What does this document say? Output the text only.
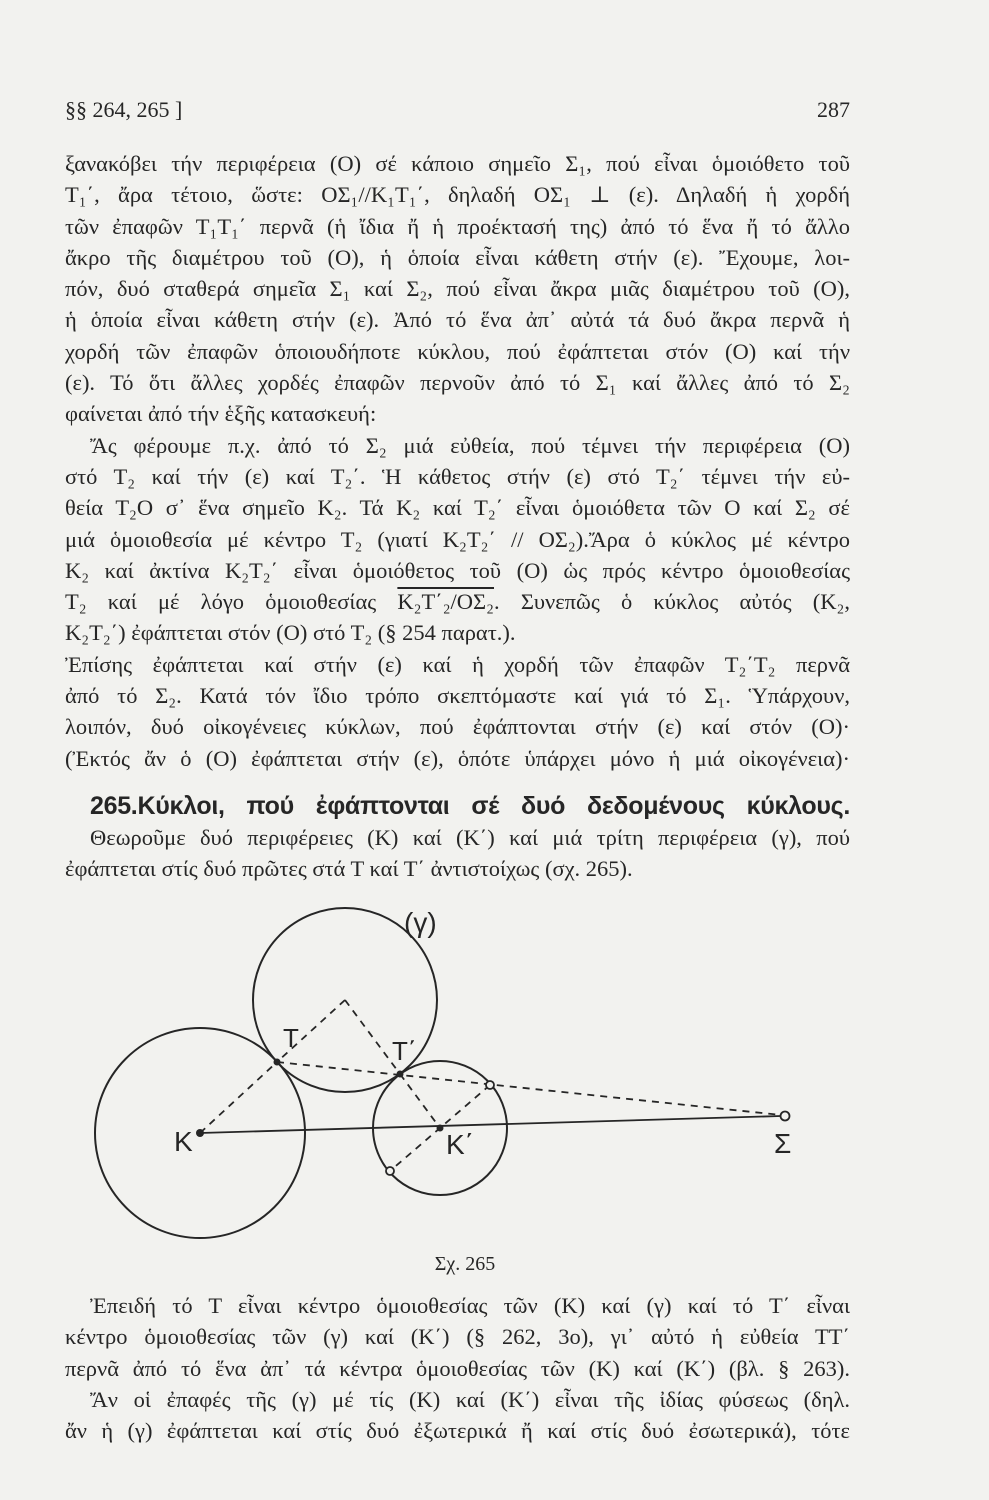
§§ 264, 265 ]	287
ξανακόβει τήν περιφέρεια (Ο) σέ κάποιο σημεῖο Σ₁, πού εἶναι ὁμοιόθετο τοῦ
Τ₁΄, ἄρα τέτοιο, ὥστε: ΟΣ₁//Κ₁Τ₁΄, δηλαδή ΟΣ₁ ⊥ (ε). Δηλαδή ἡ χορδή
τῶν ἐπαφῶν Τ₁Τ₁΄ περνᾶ (ἡ ἴδια ἤ ἡ προέκτασή της) ἀπό τό ἕνα ἤ τό ἄλλο
ἄκρο τῆς διαμέτρου τοῦ (Ο), ἡ ὁποία εἶναι κάθετη στήν (ε). Ἔχουμε, λοι-
πόν, δυό σταθερά σημεῖα Σ₁ καί Σ₂, πού εἶναι ἄκρα μιᾶς διαμέτρου τοῦ (Ο),
ἡ ὁποία εἶναι κάθετη στήν (ε). Ἀπό τό ἕνα ἀπ᾿ αὐτά τά δυό ἄκρα περνᾶ ἡ
χορδή τῶν ἐπαφῶν ὁποιουδήποτε κύκλου, πού ἐφάπτεται στόν (Ο) καί τήν
(ε). Τό ὅτι ἄλλες χορδές ἐπαφῶν περνοῦν ἀπό τό Σ₁ καί ἄλλες ἀπό τό Σ₂
φαίνεται ἀπό τήν ἑξῆς κατασκευή:
Ἄς φέρουμε π.χ. ἀπό τό Σ₂ μιά εὐθεία, πού τέμνει τήν περιφέρεια (Ο)
στό Τ₂ καί τήν (ε) καί Τ₂΄. Ἡ κάθετος στήν (ε) στό Τ₂΄ τέμνει τήν εὐ-
θεία Τ₂Ο σ᾿ ἕνα σημεῖο Κ₂. Τά Κ₂ καί Τ₂΄ εἶναι ὁμοιόθετα τῶν Ο καί Σ₂ σέ
μιά ὁμοιοθεσία μέ κέντρο Τ₂ (γιατί Κ₂Τ₂΄ // ΟΣ₂).Ἄρα ὁ κύκλος μέ κέντρο
Κ₂ καί ἀκτίνα Κ₂Τ₂΄ εἶναι ὁμοιόθετος τοῦ (Ο) ὡς πρός κέντρο ὁμοιοθεσίας
Τ₂ καί μέ λόγο ὁμοιοθεσίας Κ₂Τ΄₂/ΟΣ₂. Συνεπῶς ὁ κύκλος αὐτός (Κ₂,
Κ₂Τ₂΄) ἐφάπτεται στόν (Ο) στό Τ₂ (§ 254 παρατ.).
Ἐπίσης ἐφάπτεται καί στήν (ε) καί ἡ χορδή τῶν ἐπαφῶν Τ₂΄Τ₂ περνᾶ
ἀπό τό Σ₂. Κατά τόν ἴδιο τρόπο σκεπτόμαστε καί γιά τό Σ₁. Ὑπάρχουν,
λοιπόν, δυό οἰκογένειες κύκλων, πού ἐφάπτονται στήν (ε) καί στόν (Ο)·
(Ἐκτός ἄν ὁ (Ο) ἐφάπτεται στήν (ε), ὁπότε ὑπάρχει μόνο ἡ μιά οἰκογένεια)·
265.Κύκλοι, πού ἐφάπτονται σέ δυό δεδομένους κύκλους.
Θεωροῦμε δυό περιφέρειες (Κ) καί (Κ΄) καί μιά τρίτη περιφέρεια (γ), πού
ἐφάπτεται στίς δυό πρῶτες στά Τ καί Τ΄ ἀντιστοίχως (σχ. 265).
Κ
Τ	Τ΄
Κ΄	Σ
(γ)
Σχ. 265
Ἐπειδή τό Τ εἶναι κέντρο ὁμοιοθεσίας τῶν (Κ) καί (γ) καί τό Τ΄ εἶναι
κέντρο ὁμοιοθεσίας τῶν (γ) καί (Κ΄) (§ 262, 3ο), γι᾿ αὐτό ἡ εὐθεία ΤΤ΄
περνᾶ ἀπό τό ἕνα ἀπ᾿ τά κέντρα ὁμοιοθεσίας τῶν (Κ) καί (Κ΄) (βλ. § 263).
Ἄν οἱ ἐπαφές τῆς (γ) μέ τίς (Κ) καί (Κ΄) εἶναι τῆς ἰδίας φύσεως (δηλ.
ἄν ἡ (γ) ἐφάπτεται καί στίς δυό ἐξωτερικά ἤ καί στίς δυό ἐσωτερικά), τότε
